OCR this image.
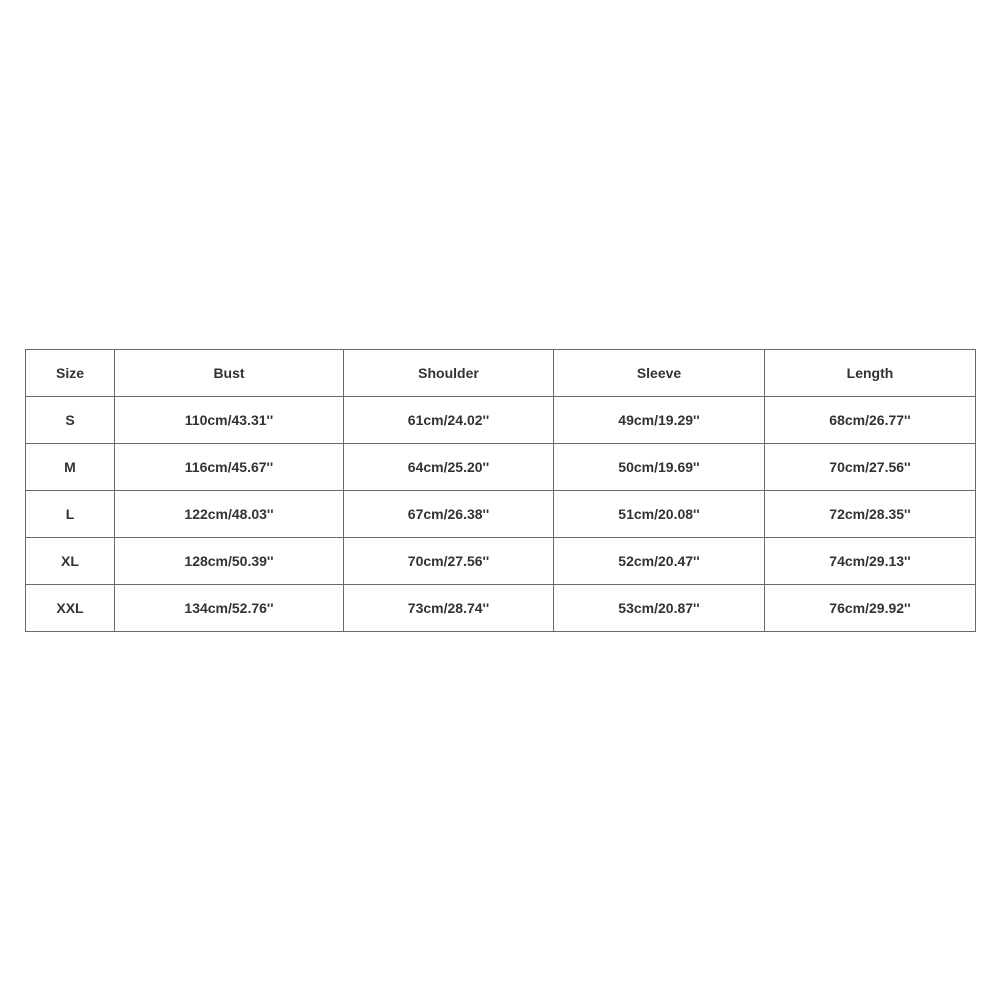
Size	Bust	Shoulder	Sleeve	Length
S	110cm/43.31''	61cm/24.02''	49cm/19.29''	68cm/26.77''
M	116cm/45.67''	64cm/25.20''	50cm/19.69''	70cm/27.56''
L	122cm/48.03''	67cm/26.38''	51cm/20.08''	72cm/28.35''
XL	128cm/50.39''	70cm/27.56''	52cm/20.47''	74cm/29.13''
XXL	134cm/52.76''	73cm/28.74''	53cm/20.87''	76cm/29.92''
